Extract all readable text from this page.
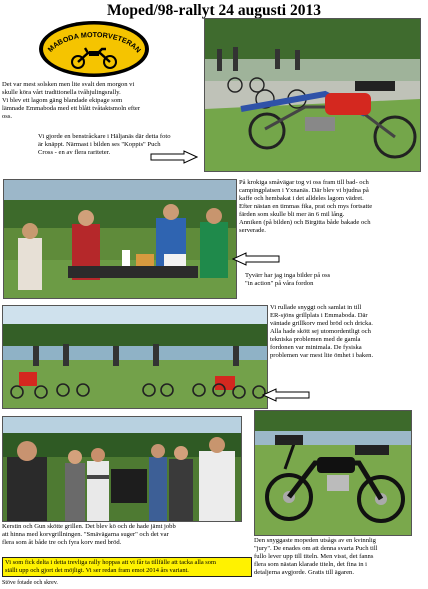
Moped/98-rallyt 24 augusti 2013
MABODA MOTORVETERAN
Det var mest solsken men lite svalt den morgon vi
skulle köra vårt traditionella tvåhjulingsrally.
Vi blev ett lagom gäng blandade ekipage som
lämnade Emmaboda med ett blått tvåtaktsmoln efter
oss.
Vi gjorde en benstråckare i Häljanäs där detta foto
är knäppt. Närmast i bilden ses "Koppis" Puch
Cross - en av flera rariteter.
På krokiga småvägar tog vi oss fram till bad- och
campingplatsen i Yxnanäs. Där blev vi bjudna på
kaffe och hembakat i det alldeles lagom vädret.
Efter nästan en timmas fika, prat och mys fortsatte
färden som skulle bli mer än 6 mil lång.
Anniken (på bilden) och Birgitta både bakade och
serverade.
Tyvärr har jag inga bilder på oss
"in action" på våra fordon
Vi rullade snyggt och samlat in till
ER-sjöns grillplats i Emmaboda. Där
väntade grillkorv med bröd och dricka.
Alla hade skött sej utomordentligt och
tekniska problemen med de gamla
fordonen var minimala. De fysiska
problemen var mest lite ömhet i baken.
Kerstin och Gun skötte grillen. Det blev kö och de hade jämt jobb
att hinna med korvgrillningen. "Smävägarna suger" och det var
flera som åt både tre och fyra korv med bröd.	Den snyggaste mopeden utsågs av en kvinnlig
"jury". De enades om att denna svarta Puch till
fullo lever upp till titeln. Men visst, det fanns
flera som nästan klarade titeln, det fina in i
detaljerna avgjorde. Gratis till ägaren.
Vi som fick delta i detta trevliga rally hoppas att vi får ta tillfälle att tacka alla som
ställt upp och gjort det möjligt. Vi ser redan fram emot 2014 års variant.
Stöve fotade och skrev.
